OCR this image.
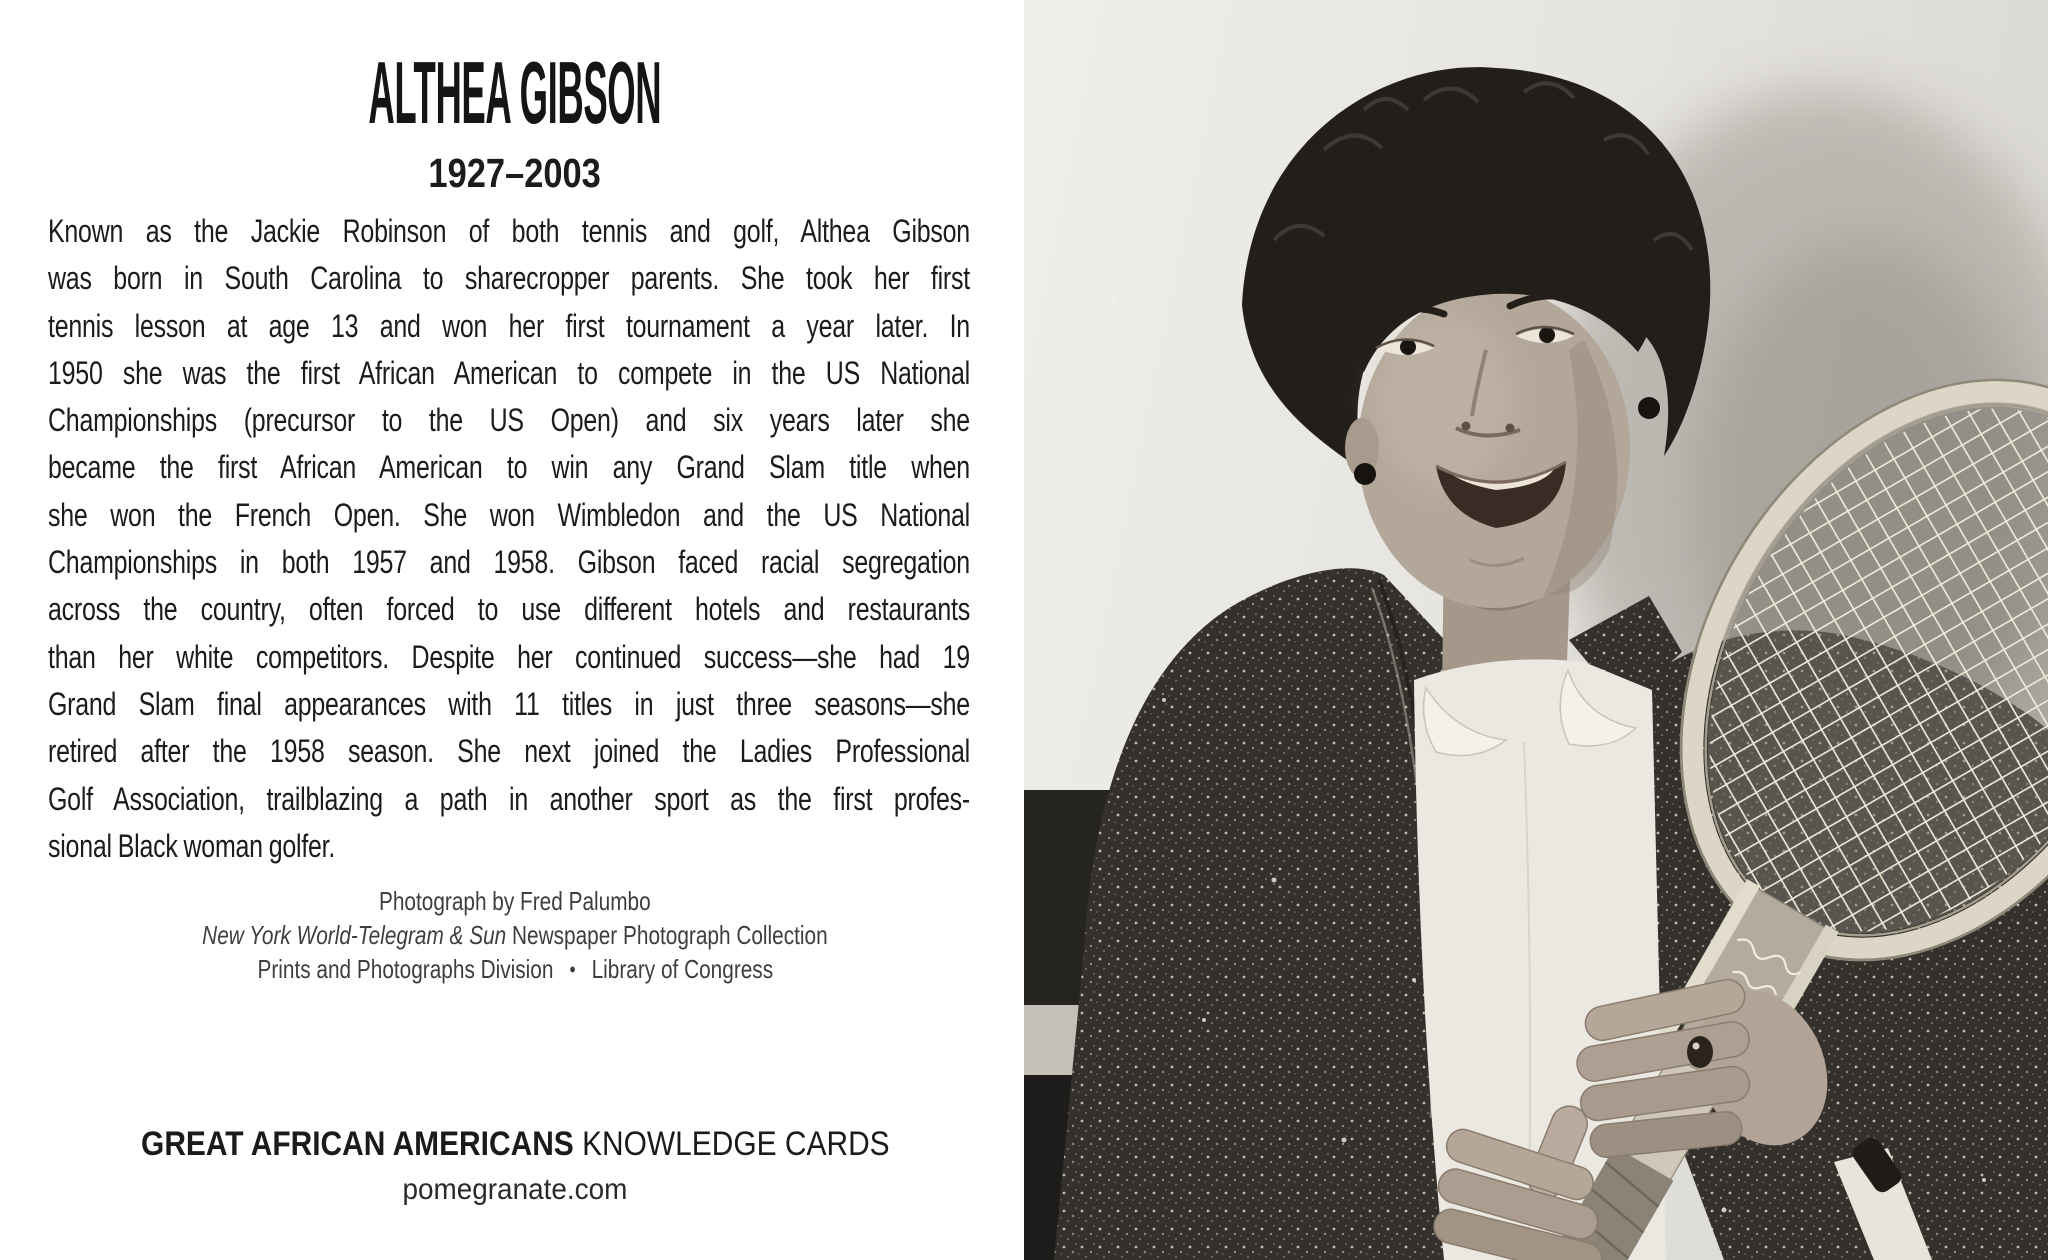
ALTHEA GIBSON
1927–2003
Known as the Jackie Robinson of both tennis and golf, Althea Gibson
was born in South Carolina to sharecropper parents. She took her first
tennis lesson at age 13 and won her first tournament a year later. In
1950 she was the first African American to compete in the US National
Championships (precursor to the US Open) and six years later she
became the first African American to win any Grand Slam title when
she won the French Open. She won Wimbledon and the US National
Championships in both 1957 and 1958. Gibson faced racial segregation
across the country, often forced to use different hotels and restaurants
than her white competitors. Despite her continued success—she had 19
Grand Slam final appearances with 11 titles in just three seasons—she
retired after the 1958 season. She next joined the Ladies Professional
Golf Association, trailblazing a path in another sport as the first profes-
sional Black woman golfer.
Photograph by Fred Palumbo
New York World-Telegram & Sun Newspaper Photograph Collection
Prints and Photographs Division • Library of Congress
GREAT AFRICAN AMERICANS KNOWLEDGE CARDS
pomegranate.com
